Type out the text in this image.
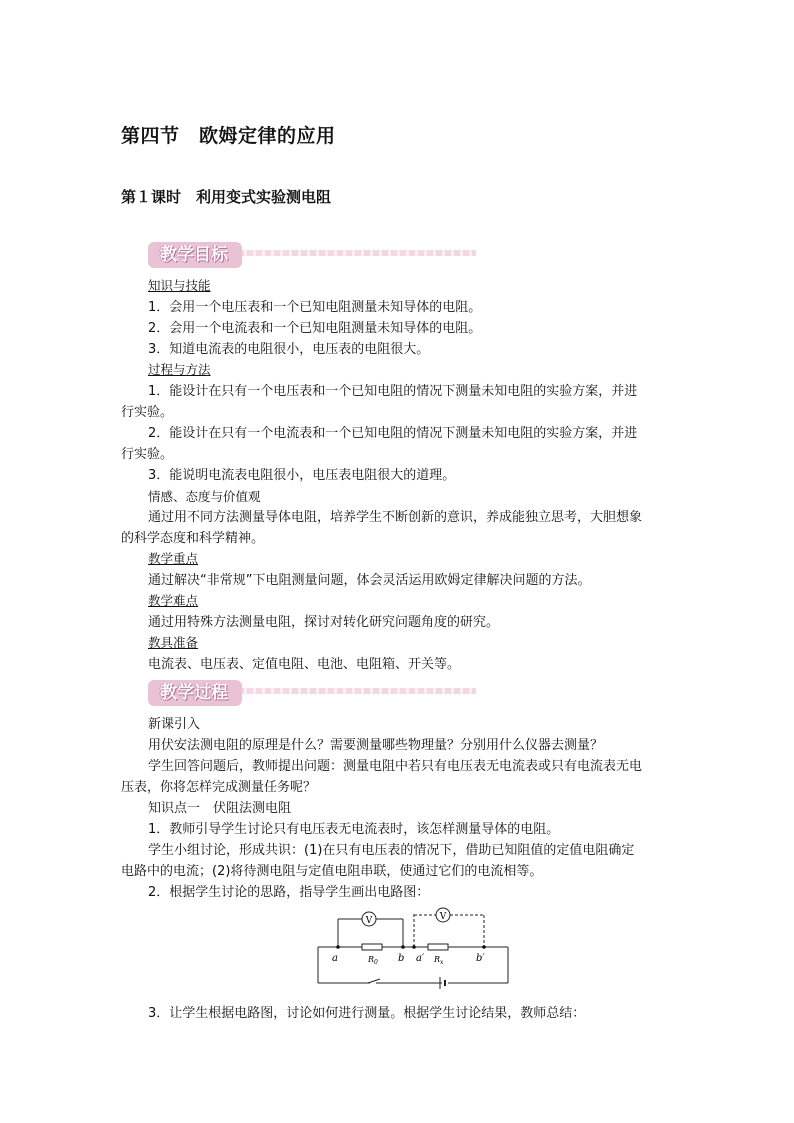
第四节　欧姆定律的应用
第１课时　利用变式实验测电阻
教学目标
知识与技能
1．会用一个电压表和一个已知电阻测量未知导体的电阻。
2．会用一个电流表和一个已知电阻测量未知导体的电阻。
3．知道电流表的电阻很小，电压表的电阻很大。
过程与方法
1．能设计在只有一个电压表和一个已知电阻的情况下测量未知电阻的实验方案，并进
行实验。
2．能设计在只有一个电流表和一个已知电阻的情况下测量未知电阻的实验方案，并进
行实验。
3．能说明电流表电阻很小，电压表电阻很大的道理。
情感、态度与价值观
通过用不同方法测量导体电阻，培养学生不断创新的意识，养成能独立思考，大胆想象
的科学态度和科学精神。
教学重点
通过解决“非常规”下电阻测量问题，体会灵活运用欧姆定律解决问题的方法。
教学难点
通过用特殊方法测量电阻，探讨对转化研究问题角度的研究。
教具准备
电流表、电压表、定值电阻、电池、电阻箱、开关等。
教学过程
新课引入
用伏安法测电阻的原理是什么？需要测量哪些物理量？分别用什么仪器去测量？
学生回答问题后，教师提出问题：测量电阻中若只有电压表无电流表或只有电流表无电
压表，你将怎样完成测量任务呢？
知识点一　伏阻法测电阻
1．教师引导学生讨论只有电压表无电流表时，该怎样测量导体的电阻。
学生小组讨论，形成共识：(1)在只有电压表的情况下，借助已知阻值的定值电阻确定
电路中的电流；(2)将待测电阻与定值电阻串联，使通过它们的电流相等。
2．根据学生讨论的思路，指导学生画出电路图：
V	V
a	b a′	b′
$R_0$	$R_x$
3．让学生根据电路图，讨论如何进行测量。根据学生讨论结果，教师总结：
